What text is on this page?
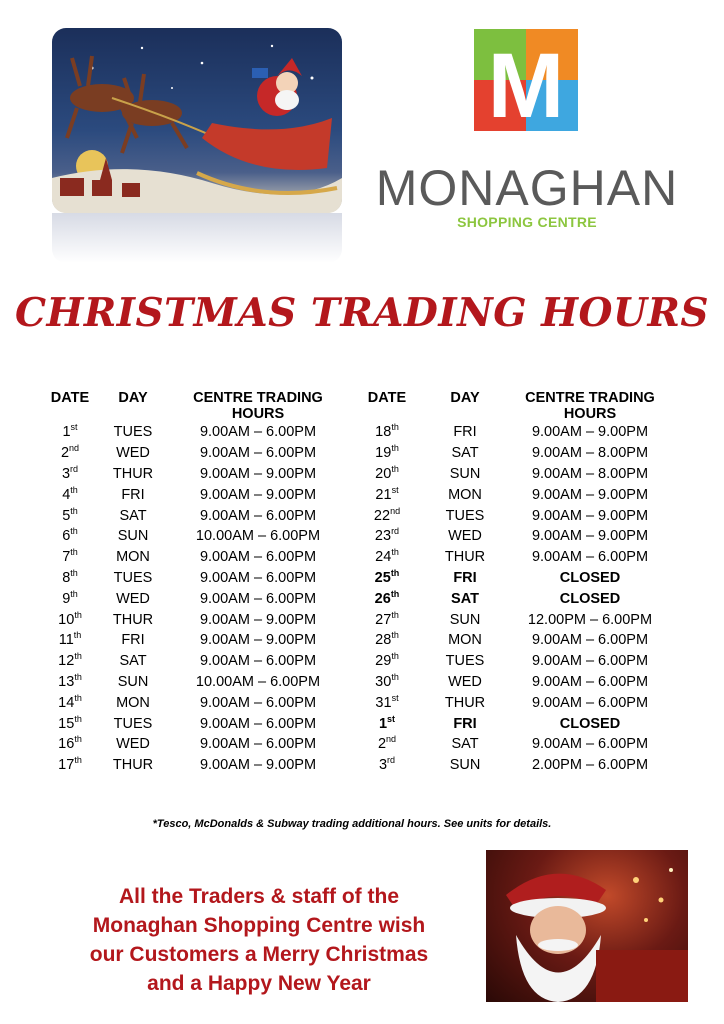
M
MONAGHAN
SHOPPING CENTRE
CHRISTMAS TRADING HOURS
DATE	DAY	CENTRE TRADING
HOURS	DATE	DAY	CENTRE TRADING
HOURS
1st	TUES	9.00AM – 6.00PM	18th	FRI	9.00AM – 9.00PM
2nd	WED	9.00AM – 6.00PM	19th	SAT	9.00AM – 8.00PM
3rd	THUR	9.00AM – 9.00PM	20th	SUN	9.00AM – 8.00PM
4th	FRI	9.00AM – 9.00PM	21st	MON	9.00AM – 9.00PM
5th	SAT	9.00AM – 6.00PM	22nd	TUES	9.00AM – 9.00PM
6th	SUN	10.00AM – 6.00PM	23rd	WED	9.00AM – 9.00PM
7th	MON	9.00AM – 6.00PM	24th	THUR	9.00AM – 6.00PM
8th	TUES	9.00AM – 6.00PM	25th	FRI	CLOSED
9th	WED	9.00AM – 6.00PM	26th	SAT	CLOSED
10th	THUR	9.00AM – 9.00PM	27th	SUN	12.00PM – 6.00PM
11th	FRI	9.00AM – 9.00PM	28th	MON	9.00AM – 6.00PM
12th	SAT	9.00AM – 6.00PM	29th	TUES	9.00AM – 6.00PM
13th	SUN	10.00AM – 6.00PM	30th	WED	9.00AM – 6.00PM
14th	MON	9.00AM – 6.00PM	31st	THUR	9.00AM – 6.00PM
15th	TUES	9.00AM – 6.00PM	1st	FRI	CLOSED
16th	WED	9.00AM – 6.00PM	2nd	SAT	9.00AM – 6.00PM
17th	THUR	9.00AM – 9.00PM	3rd	SUN	2.00PM – 6.00PM
*Tesco, McDonalds & Subway trading additional hours. See units for details.
All the Traders & staff of the
Monaghan Shopping Centre wish
our Customers a Merry Christmas
and a Happy New Year
